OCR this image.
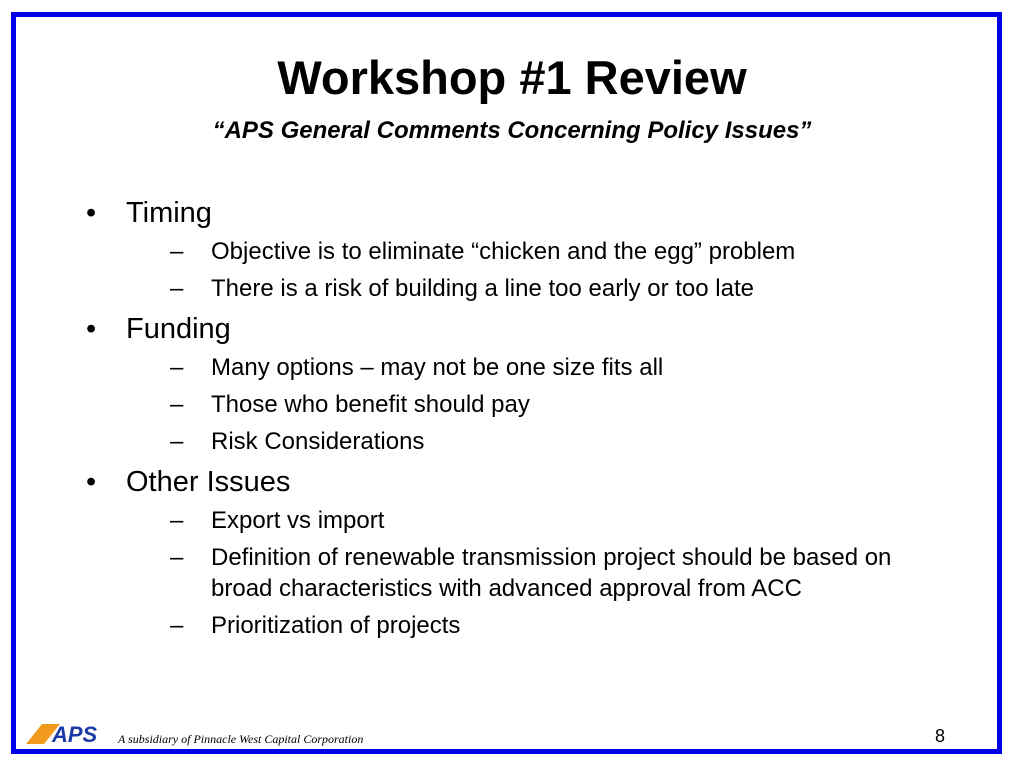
Workshop #1 Review
“APS General Comments Concerning Policy Issues”
•	Timing
– Objective is to eliminate “chicken and the egg” problem
– There is a risk of building a line too early or too late
•	Funding
– Many options – may not be one size fits all
– Those who benefit should pay
– Risk Considerations
•	Other Issues
– Export vs import
– Definition of renewable transmission project should be based on broad characteristics with advanced approval from ACC
– Prioritization of projects
APS A subsidiary of Pinnacle West Capital Corporation	8
